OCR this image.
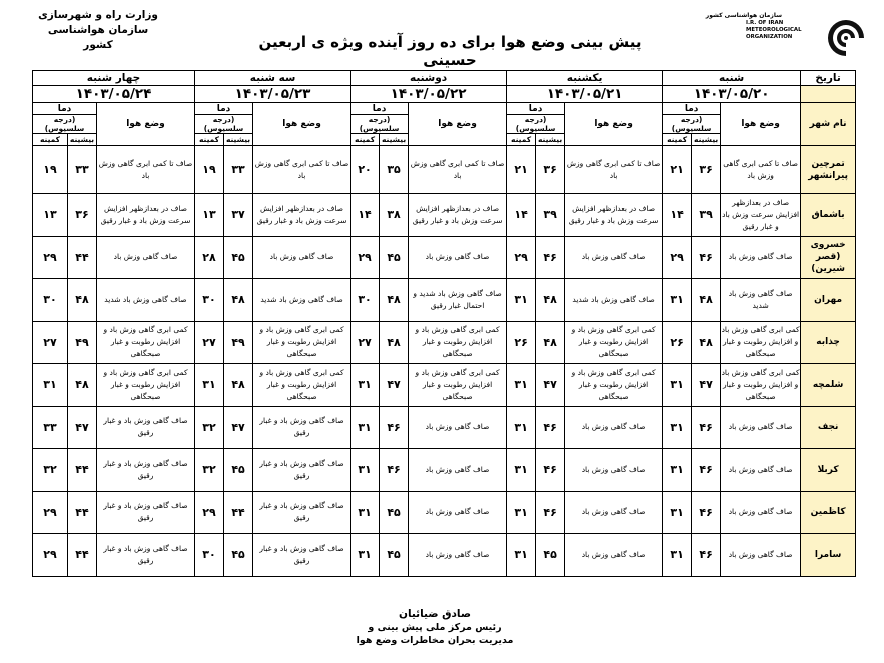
وزارت راه و شهرسازی
سازمان هواشناسی کشور
سازمان هواشناسی کشور
I.R. OF IRAN
METEOROLOGICAL
ORGANIZATION
پیش بینی وضع هوا برای ده روز آینده ویژه ی اربعین حسینی
تاریخ	شنبه			یکشنبه			دوشنبه			سه شنبه			چهار شنبه		
	۱۴۰۳/۰۵/۲۰			۱۴۰۳/۰۵/۲۱			۱۴۰۳/۰۵/۲۲			۱۴۰۳/۰۵/۲۳			۱۴۰۳/۰۵/۲۴		
نام شهر	وضع هوا	دما		وضع هوا	دما		وضع هوا	دما		وضع هوا	دما		وضع هوا	دما	
		(درجه سلسیوس)			(درجه سلسیوس)			(درجه سلسیوس)			(درجه سلسیوس)			(درجه سلسیوس)	
		بیشینه	کمینه		بیشینه	کمینه		بیشینه	کمینه		بیشینه	کمینه		بیشینه	کمینه
تمرچین پیرانشهر	صاف تا کمی ابری گاهی وزش باد	۳۶	۲۱	صاف تا کمی ابری گاهی وزش باد	۳۶	۲۱	صاف تا کمی ابری گاهی وزش باد	۳۵	۲۰	صاف تا کمی ابری گاهی وزش باد	۳۳	۱۹	صاف تا کمی ابری گاهی وزش باد	۳۳	۱۹
باشماق	صاف در بعدازظهر افزایش سرعت وزش باد و غبار رقیق	۳۹	۱۴	صاف در بعدازظهر افزایش سرعت وزش باد و غبار رقیق	۳۹	۱۴	صاف در بعدازظهر افزایش سرعت وزش باد و غبار رقیق	۳۸	۱۴	صاف در بعدازظهر افزایش سرعت وزش باد و غبار رقیق	۳۷	۱۳	صاف در بعدازظهر افزایش سرعت وزش باد و غبار رقیق	۳۶	۱۳
خسروی (قصر شیرین)	صاف گاهی وزش باد	۴۶	۲۹	صاف گاهی وزش باد	۴۶	۲۹	صاف گاهی وزش باد	۴۵	۲۹	صاف گاهی وزش باد	۴۵	۲۸	صاف گاهی وزش باد	۴۴	۲۹
مهران	صاف گاهی وزش باد شدید	۴۸	۳۱	صاف گاهی وزش باد شدید	۴۸	۳۱	صاف گاهی وزش باد شدید و احتمال غبار رقیق	۴۸	۳۰	صاف گاهی وزش باد شدید	۴۸	۳۰	صاف گاهی وزش باد شدید	۴۸	۳۰
چذابه	کمی ابری گاهی وزش باد و افزایش رطوبت و غبار صبحگاهی	۴۸	۲۶	کمی ابری گاهی وزش باد و افزایش رطوبت و غبار صبحگاهی	۴۸	۲۶	کمی ابری گاهی وزش باد و افزایش رطوبت و غبار صبحگاهی	۴۸	۲۷	کمی ابری گاهی وزش باد و افزایش رطوبت و غبار صبحگاهی	۴۹	۲۷	کمی ابری گاهی وزش باد و افزایش رطوبت و غبار صبحگاهی	۴۹	۲۷
شلمچه	کمی ابری گاهی وزش باد و افزایش رطوبت و غبار صبحگاهی	۴۷	۳۱	کمی ابری گاهی وزش باد و افزایش رطوبت و غبار صبحگاهی	۴۷	۳۱	کمی ابری گاهی وزش باد و افزایش رطوبت و غبار صبحگاهی	۴۷	۳۱	کمی ابری گاهی وزش باد و افزایش رطوبت و غبار صبحگاهی	۴۸	۳۱	کمی ابری گاهی وزش باد و افزایش رطوبت و غبار صبحگاهی	۴۸	۳۱
نجف	صاف گاهی وزش باد	۴۶	۳۱	صاف گاهی وزش باد	۴۶	۳۱	صاف گاهی وزش باد	۴۶	۳۱	صاف گاهی وزش باد و غبار رقیق	۴۷	۳۲	صاف گاهی وزش باد و غبار رقیق	۴۷	۳۳
کربلا	صاف گاهی وزش باد	۴۶	۳۱	صاف گاهی وزش باد	۴۶	۳۱	صاف گاهی وزش باد	۴۶	۳۱	صاف گاهی وزش باد و غبار رقیق	۴۵	۳۲	صاف گاهی وزش باد و غبار رقیق	۴۴	۳۲
کاظمین	صاف گاهی وزش باد	۴۶	۳۱	صاف گاهی وزش باد	۴۶	۳۱	صاف گاهی وزش باد	۴۵	۳۱	صاف گاهی وزش باد و غبار رقیق	۴۴	۲۹	صاف گاهی وزش باد و غبار رقیق	۴۴	۲۹
سامرا	صاف گاهی وزش باد	۴۶	۳۱	صاف گاهی وزش باد	۴۵	۳۱	صاف گاهی وزش باد	۴۵	۳۱	صاف گاهی وزش باد و غبار رقیق	۴۵	۳۰	صاف گاهی وزش باد و غبار رقیق	۴۴	۲۹
صادق ضیائیان
رئیس مرکز ملی پیش بینی و
مدیریت بحران مخاطرات وضع هوا
